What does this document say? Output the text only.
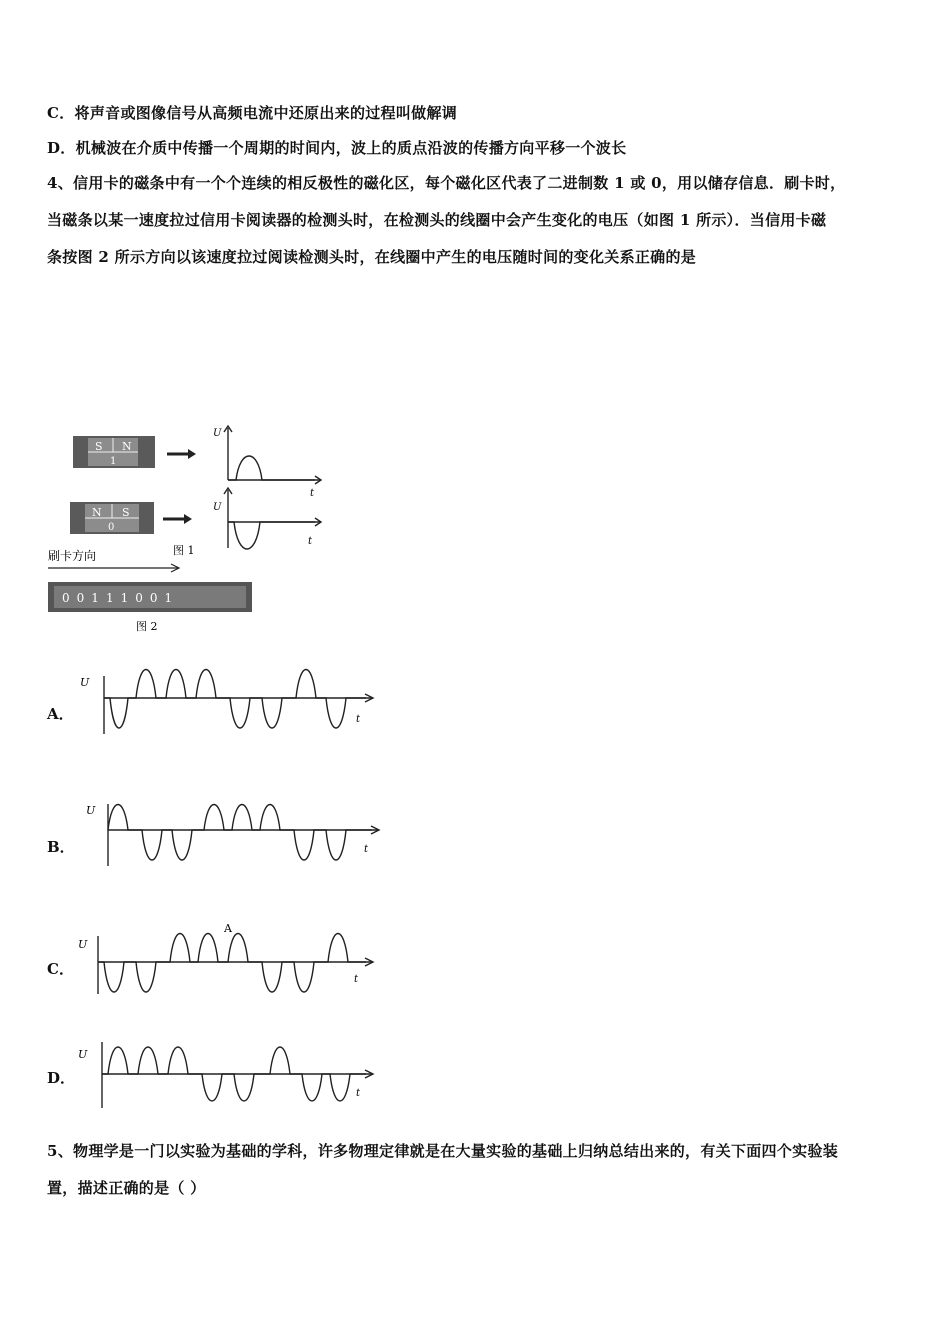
C．将声音或图像信号从高频电流中还原出来的过程叫做解调
D．机械波在介质中传播一个周期的时间内，波上的质点沿波的传播方向平移一个波长
4、信用卡的磁条中有一个个连续的相反极性的磁化区，每个磁化区代表了二进制数 1 或 0，用以储存信息．刷卡时，
当磁条以某一速度拉过信用卡阅读器的检测头时，在检测头的线圈中会产生变化的电压（如图 1 所示）．当信用卡磁
条按图 2 所示方向以该速度拉过阅读检测头时，在线圈中产生的电压随时间的变化关系正确的是
S N
1
U
t
N S
0
U
t
图 1
刷卡方向
0 0 1 1 1 0 0 1
图 2
A．
U
t
B．
U
t
C．
A
U
t
D．
U
t
5、物理学是一门以实验为基础的学科，许多物理定律就是在大量实验的基础上归纳总结出来的，有关下面四个实验装
置，描述正确的是（ ）
